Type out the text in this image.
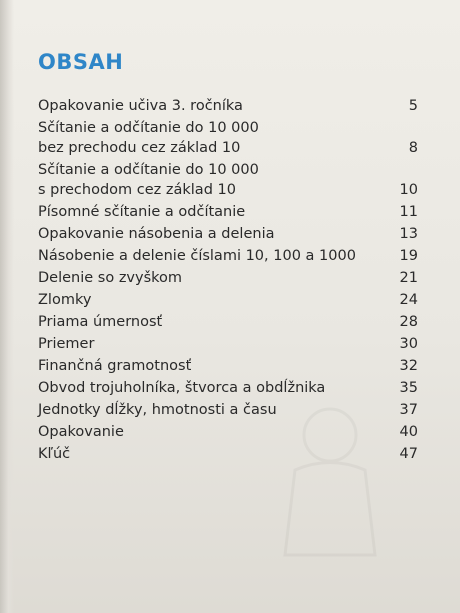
OBSAH
Opakovanie učiva 3. ročníka	5
Sčítanie a odčítanie do 10 000
bez prechodu cez základ 10	8
Sčítanie a odčítanie do 10 000
s prechodom cez základ 10	10
Písomné sčítanie a odčítanie	11
Opakovanie násobenia a delenia	13
Násobenie a delenie číslami 10, 100 a 1000	19
Delenie so zvyškom	21
Zlomky	24
Priama úmernosť	28
Priemer	30
Finančná gramotnosť	32
Obvod trojuholníka, štvorca a obdĺžnika	35
Jednotky dĺžky, hmotnosti a času	37
Opakovanie	40
Kľúč	47
